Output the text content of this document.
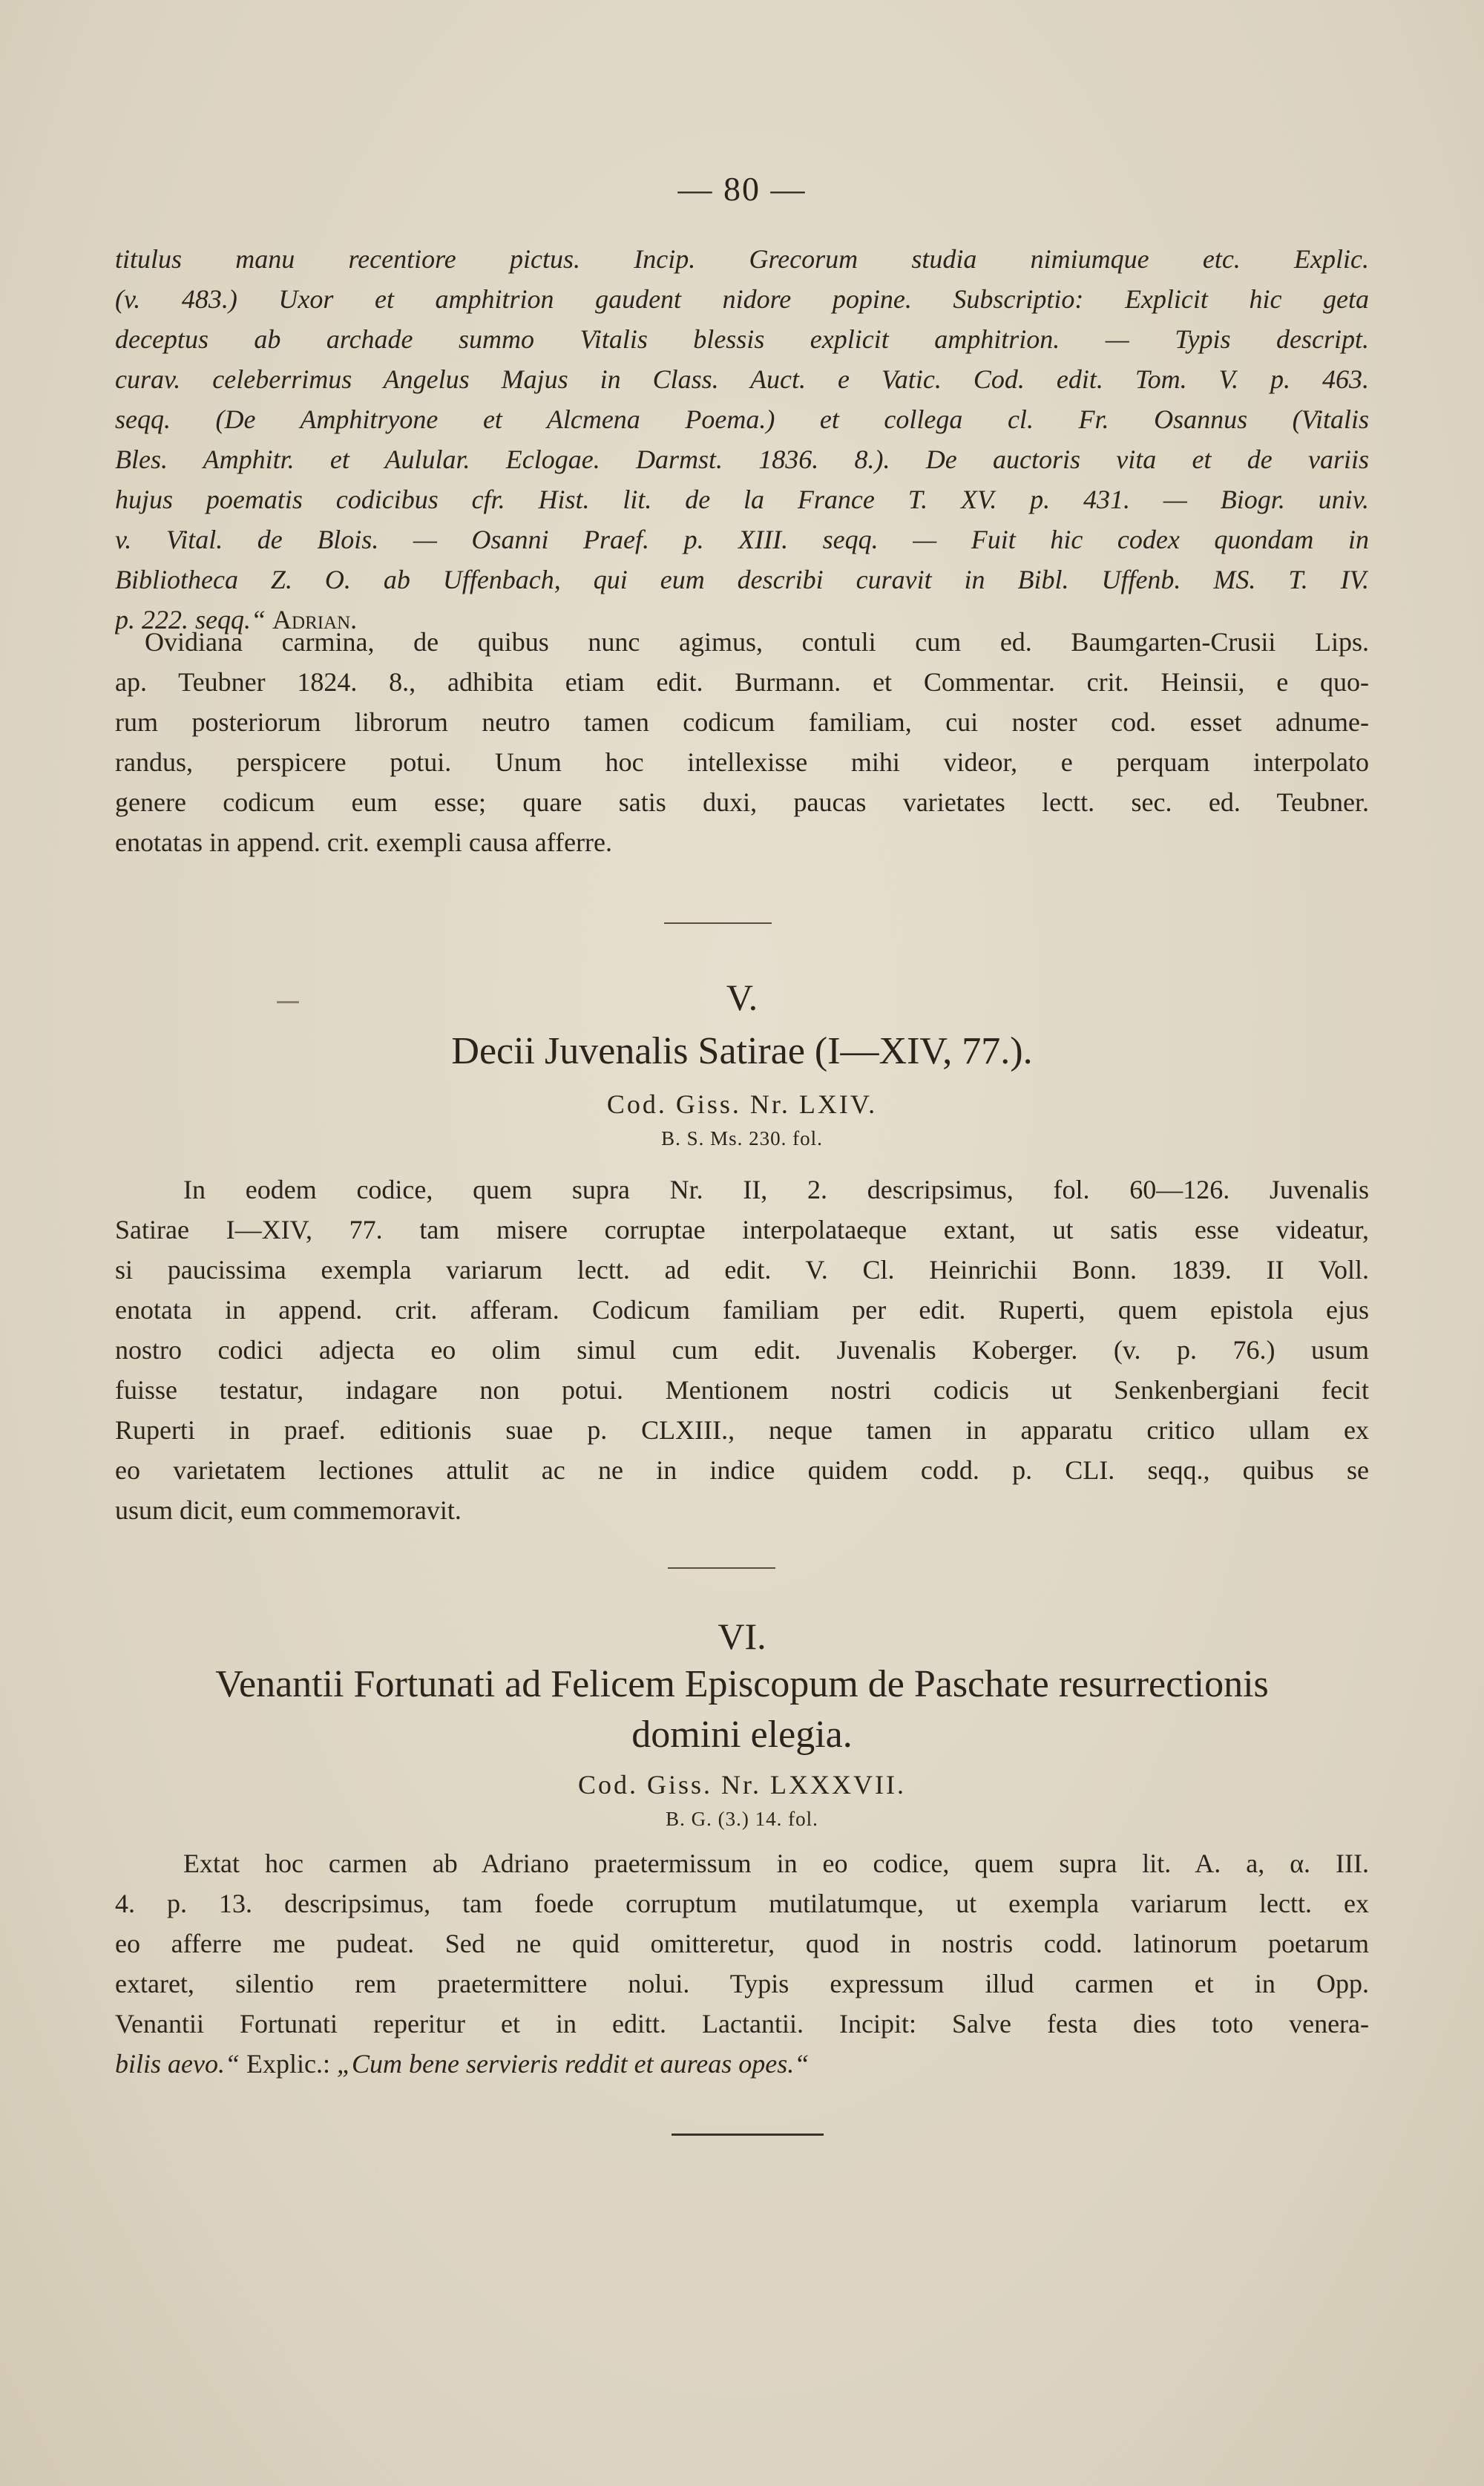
— 80 —
titulus manu recentiore pictus. Incip. Grecorum studia nimiumque etc. Explic.
(v. 483.) Uxor et amphitrion gaudent nidore popine. Subscriptio: Explicit hic geta
deceptus ab archade summo Vitalis blessis explicit amphitrion. — Typis descript.
curav. celeberrimus Angelus Majus in Class. Auct. e Vatic. Cod. edit. Tom. V. p. 463.
seqq. (De Amphitryone et Alcmena Poema.) et collega cl. Fr. Osannus (Vitalis
Bles. Amphitr. et Aulular. Eclogae. Darmst. 1836. 8.). De auctoris vita et de variis
hujus poematis codicibus cfr. Hist. lit. de la France T. XV. p. 431. — Biogr. univ.
v. Vital. de Blois. — Osanni Praef. p. XIII. seqq. — Fuit hic codex quondam in
Bibliotheca Z. O. ab Uffenbach, qui eum describi curavit in Bibl. Uffenb. MS. T. IV.
p. 222. seqq.“ Adrian.
Ovidiana carmina, de quibus nunc agimus, contuli cum ed. Baumgarten-Crusii Lips.
ap. Teubner 1824. 8., adhibita etiam edit. Burmann. et Commentar. crit. Heinsii, e quo-
rum posteriorum librorum neutro tamen codicum familiam, cui noster cod. esset adnume-
randus, perspicere potui. Unum hoc intellexisse mihi videor, e perquam interpolato
genere codicum eum esse; quare satis duxi, paucas varietates lectt. sec. ed. Teubner.
enotatas in append. crit. exempli causa afferre.
V.
Decii Juvenalis Satirae (I—XIV, 77.).
Cod. Giss. Nr. LXIV.
B. S. Ms. 230. fol.
In eodem codice, quem supra Nr. II, 2. descripsimus, fol. 60—126. Juvenalis
Satirae I—XIV, 77. tam misere corruptae interpolataeque extant, ut satis esse videatur,
si paucissima exempla variarum lectt. ad edit. V. Cl. Heinrichii Bonn. 1839. II Voll.
enotata in append. crit. afferam. Codicum familiam per edit. Ruperti, quem epistola ejus
nostro codici adjecta eo olim simul cum edit. Juvenalis Koberger. (v. p. 76.) usum
fuisse testatur, indagare non potui. Mentionem nostri codicis ut Senkenbergiani fecit
Ruperti in praef. editionis suae p. CLXIII., neque tamen in apparatu critico ullam ex
eo varietatem lectiones attulit ac ne in indice quidem codd. p. CLI. seqq., quibus se
usum dicit, eum commemoravit.
VI.
Venantii Fortunati ad Felicem Episcopum de Paschate resurrectionis
domini elegia.
Cod. Giss. Nr. LXXXVII.
B. G. (3.) 14. fol.
Extat hoc carmen ab Adriano praetermissum in eo codice, quem supra lit. A. a, α. III.
4. p. 13. descripsimus, tam foede corruptum mutilatumque, ut exempla variarum lectt. ex
eo afferre me pudeat. Sed ne quid omitteretur, quod in nostris codd. latinorum poetarum
extaret, silentio rem praetermittere nolui. Typis expressum illud carmen et in Opp.
Venantii Fortunati reperitur et in editt. Lactantii. Incipit: Salve festa dies toto venera-
bilis aevo.“ Explic.: „Cum bene servieris reddit et aureas opes.“
